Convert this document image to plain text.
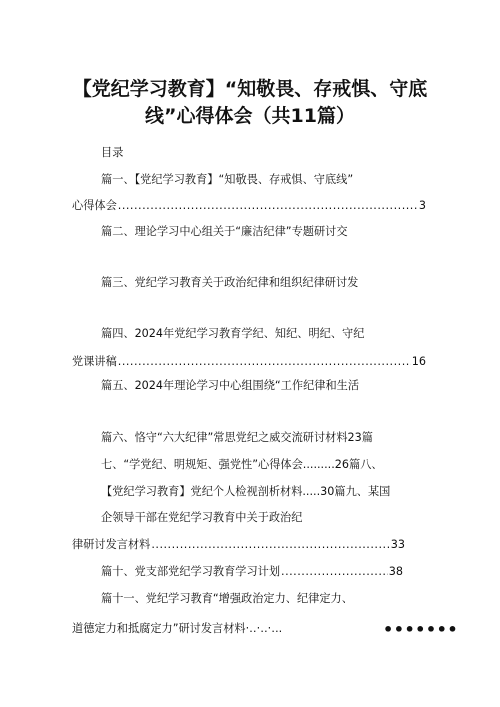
【党纪学习教育】“知敬畏、存戒惧、守底
线”心得体会（共11篇）
目录
篇一、【党纪学习教育】“知敬畏、存戒惧、守底线”
心得体会 .....	3
篇二、理论学习中心组关于“廉洁纪律”专题研讨交
篇三、党纪学习教育关于政治纪律和组织纪律研讨发
篇四、2024年党纪学习教育学纪、知纪、明纪、守纪
党课讲稿 .....	16
篇五、2024年理论学习中心组围绕“工作纪律和生活
篇六、恪守“六大纪律”常思党纪之威交流研讨材料23篇
七、“学党纪、明规矩、强党性”心得体会.........26篇八、
【党纪学习教育】党纪个人检视剖析材料.....30篇九、某国
企领导干部在党纪学习教育中关于政治纪
律研讨发言材料 .....	33
篇十、党支部党纪学习教育学习计划 .....	38
篇十一、党纪学习教育“增强政治定力、纪律定力、
道德定力和抵腐定力”研讨发言材料‧‥‧‥‧‥.	•••••••
